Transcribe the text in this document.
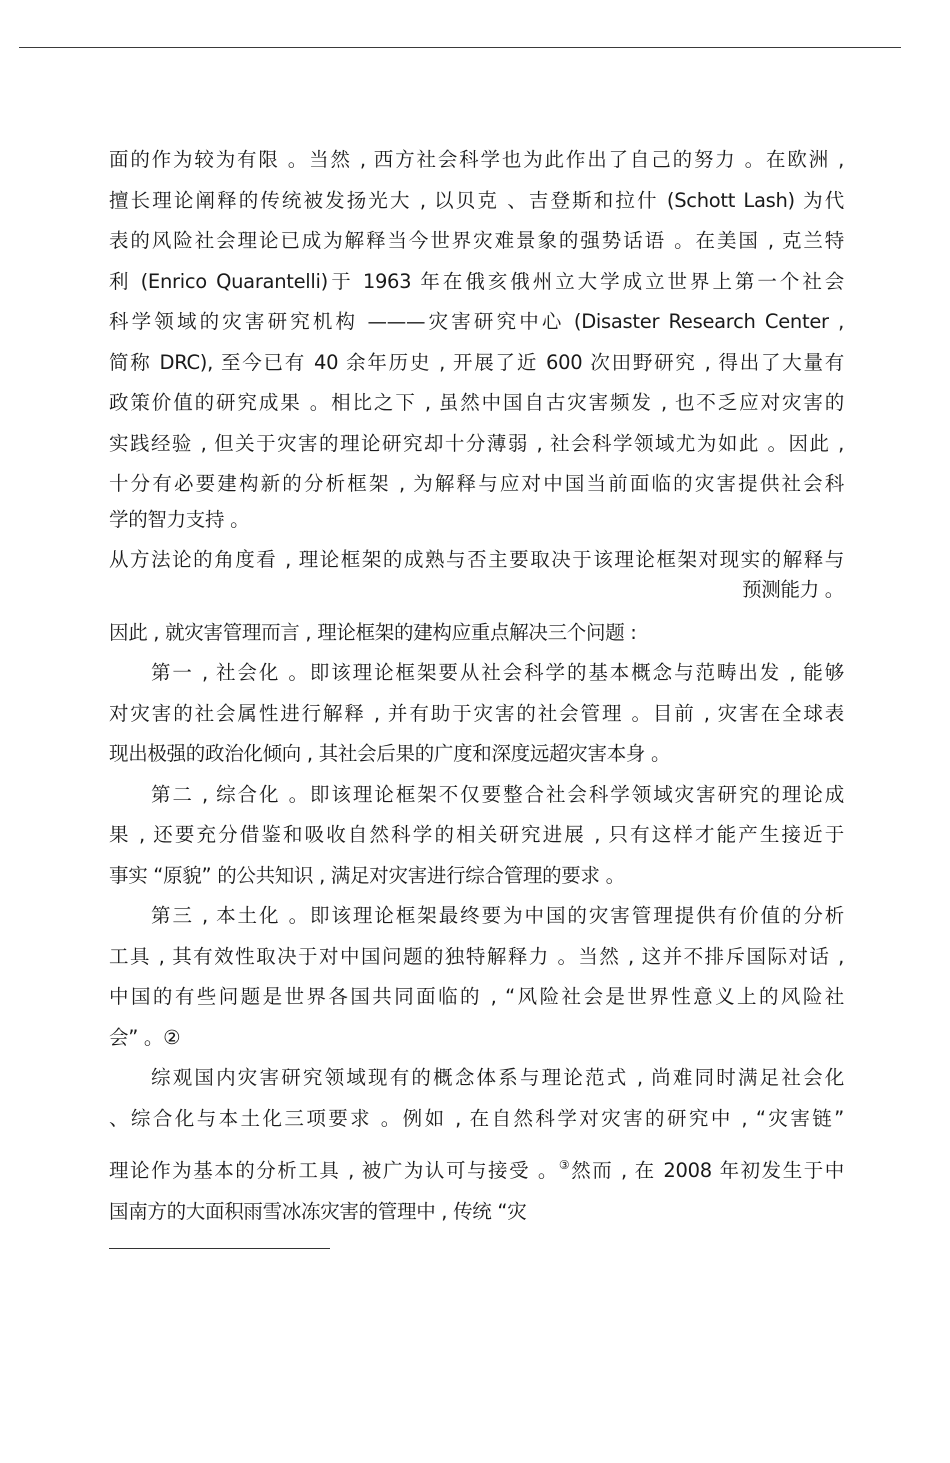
面的作为较为有限 。当然 , 西方社会科学也为此作出了自己的努力 。在欧洲 ,
擅长理论阐释的传统被发扬光大 , 以贝克 、吉登斯和拉什 (Schott Lash) 为代
表的风险社会理论已成为解释当今世界灾难景象的强势话语 。在美国 , 克兰特
利 (Enrico Quarantelli)于 1963 年在俄亥俄州立大学成立世界上第一个社会
科学领域的灾害研究机构 ———灾害研究中心 (Disaster Research Center ,
简称 DRC), 至今已有 40 余年历史 , 开展了近 600 次田野研究 , 得出了大量有
政策价值的研究成果 。相比之下 , 虽然中国自古灾害频发 , 也不乏应对灾害的
实践经验 , 但关于灾害的理论研究却十分薄弱 , 社会科学领域尤为如此 。因此 ,
十分有必要建构新的分析框架 , 为解释与应对中国当前面临的灾害提供社会科
学的智力支持 。
从方法论的角度看 , 理论框架的成熟与否主要取决于该理论框架对现实的解释与
预测能力 。
因此 , 就灾害管理而言 , 理论框架的建构应重点解决三个问题 :
第一 , 社会化 。即该理论框架要从社会科学的基本概念与范畴出发 , 能够
对灾害的社会属性进行解释 , 并有助于灾害的社会管理 。目前 , 灾害在全球表
现出极强的政治化倾向 , 其社会后果的广度和深度远超灾害本身 。
第二 , 综合化 。即该理论框架不仅要整合社会科学领域灾害研究的理论成
果 , 还要充分借鉴和吸收自然科学的相关研究进展 , 只有这样才能产生接近于
事实 “原貌” 的公共知识 , 满足对灾害进行综合管理的要求 。
第三 , 本土化 。即该理论框架最终要为中国的灾害管理提供有价值的分析
工具 , 其有效性取决于对中国问题的独特解释力 。当然 , 这并不排斥国际对话 ,
中国的有些问题是世界各国共同面临的 , “风险社会是世界性意义上的风险社
会” 。②
综观国内灾害研究领域现有的概念体系与理论范式 , 尚难同时满足社会化
、综合化与本土化三项要求 。例如 , 在自然科学对灾害的研究中 , “灾害链”
理论作为基本的分析工具 , 被广为认可与接受 。③然而 , 在 2008 年初发生于中
国南方的大面积雨雪冰冻灾害的管理中 , 传统 “灾
